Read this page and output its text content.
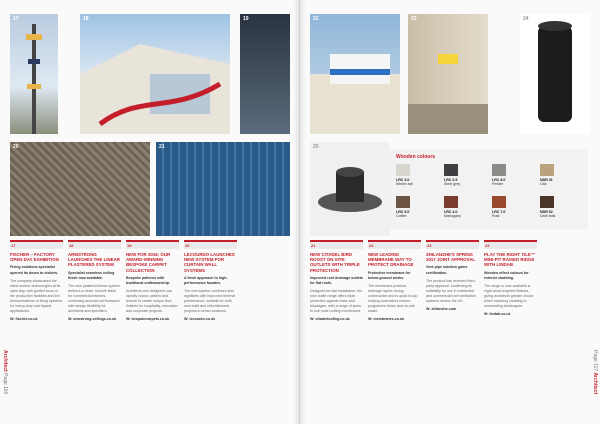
17	18	19
20	21
17
FISCHER – FACTORY OPEN DAY EXHIBITION
Fixing solutions specialist opened its doors to visitors.
The company showcased the latest anchor technologies at its open day, with guided tours of the production facilities and live demonstrations of fixing systems for heavy-duty and façade applications.
W: fischer.co.uk
18
ARMSTRONG LAUNCHES THE LINEAR PLASTERED SYSTEM
Specialist seamless ceiling finish now available.
The new plastered linear system delivers a clean, smooth finish for commercial interiors, combining acoustic performance with design flexibility for architects and specifiers.
W: armstrong-ceilings.co.uk
19
NEW FOR 2016: OUR AWARD-WINNING BESPOKE CARPET COLLECTION
Bespoke patterns with traditional craftsmanship.
Architects and designers can specify colour, pattern and texture to create unique floor finishes for hospitality, education and corporate projects.
W: bespokecarpets.co.uk
20
LECOURDO LAUNCHES NEW SYSTEM FOR CURTAIN WALL SYSTEMS
A fresh approach to high-performance façades.
The new system combines slim sightlines with improved thermal performance, suitable for both new build and refurbishment projects in urban locations.
W: lecourdo.co.uk
Architect Page 116
22	23	24
25
21
NEW CITADEL BIRD ROOST ON SITE: OUTLETS WITH TRIPLE PROTECTION
Improved roof drainage outlets for flat roofs.
Designed for fast installation, the new outlet range offers triple protection against leaks and blockages, with a range of sizes to suit most roofing membranes.
W: citadelroofing.co.uk
22
NEW LEADING MEMBRANE WAY TO PROTECT DRAINAGE
Protective membrane for below-ground works.
The membrane protects drainage layers during construction and is quick to lay, helping contractors reduce programme times and on-site waste.
W: membranes.co.uk
23
ZHILANZHE'S SPRING 2017 JOINT APPROVAL
Vent pipe solution gains certification.
The product has received third-party approval, confirming its suitability for use in residential and commercial roof ventilation systems across the UK.
W: zhilanzhe.com
24
PLAY THE RIGHT TILE™ MINI-FIT RAISED RIDGE WITH LINDAB
Wooden-effect colours for exterior cladding.
The range is now available in eight wood-inspired finishes, giving architects greater choice when matching cladding to surrounding landscapes.
W: lindab.co.uk
Page 117 Architect
Wooden colours
LRC 3.0
Winter ash
LRC 6.5
Steel grey
LRC 8.0
Pewter
NDR 01
Oak
LRC 5.0
Coffee
LRC 4.0
Mahogany
LRC 7.0
Rust
NDR 02
Dark teak
